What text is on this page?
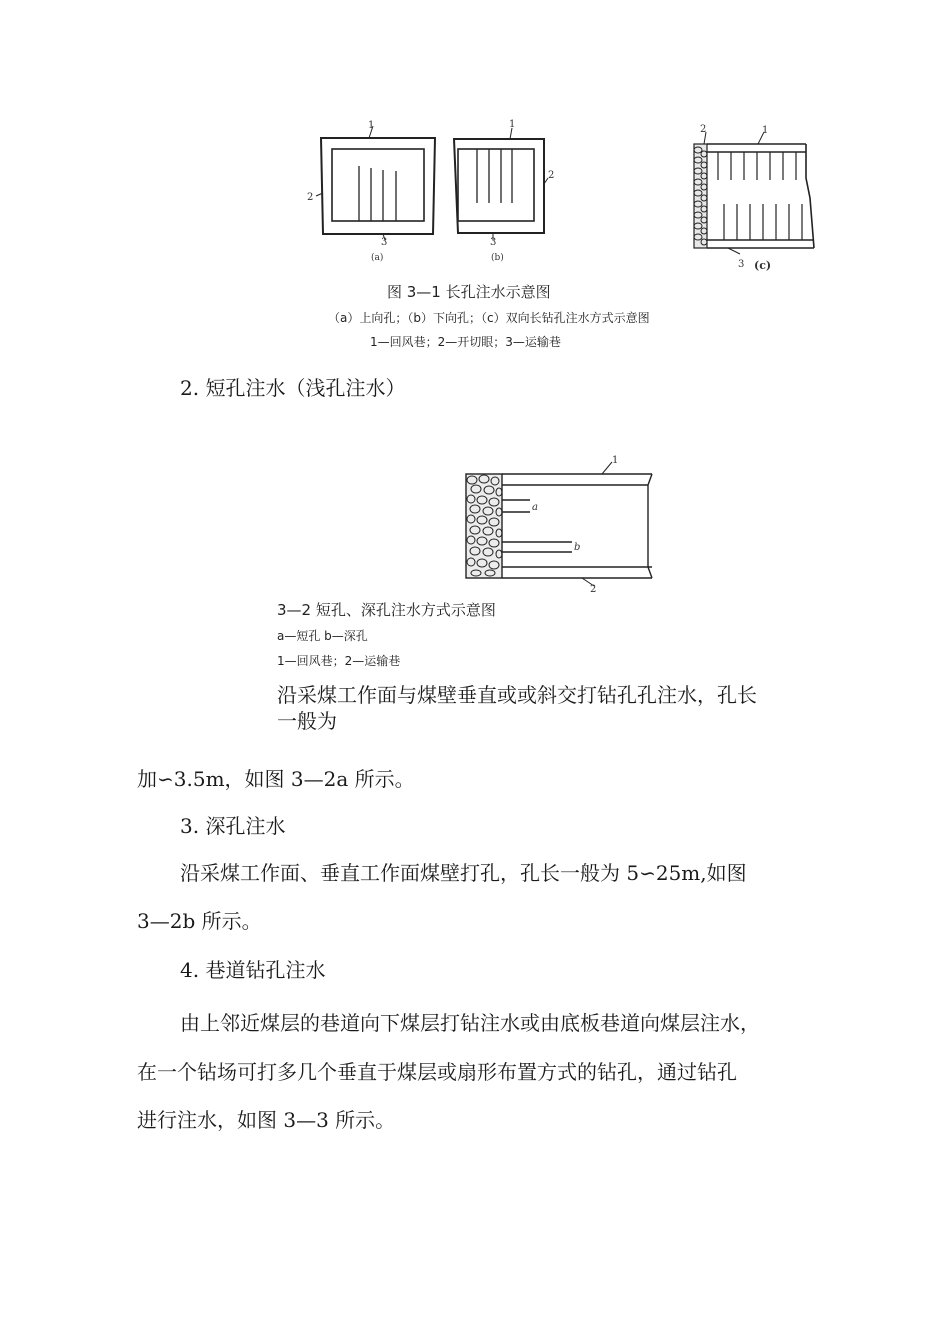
1
2
3
(a)
1
2
3
(b)
1
2
3 (c)
图 3—1 长孔注水示意图
（a）上向孔；（b）下向孔；（c）双向长钻孔注水方式示意图
1—回风巷；2—开切眼；3—运输巷
2. 短孔注水（浅孔注水）
1
2
a
b
3—2 短孔、深孔注水方式示意图
a—短孔 b—深孔
1—回风巷；2—运输巷
沿采煤工作面与煤壁垂直或或斜交打钻孔孔注水，孔长
一般为
加∽3.5m，如图 3—2a 所示。
3. 深孔注水
沿采煤工作面、垂直工作面煤壁打孔，孔长一般为 5∽25m,如图
3—2b 所示。
4. 巷道钻孔注水
由上邻近煤层的巷道向下煤层打钻注水或由底板巷道向煤层注水，
在一个钻场可打多几个垂直于煤层或扇形布置方式的钻孔，通过钻孔
进行注水，如图 3—3 所示。
